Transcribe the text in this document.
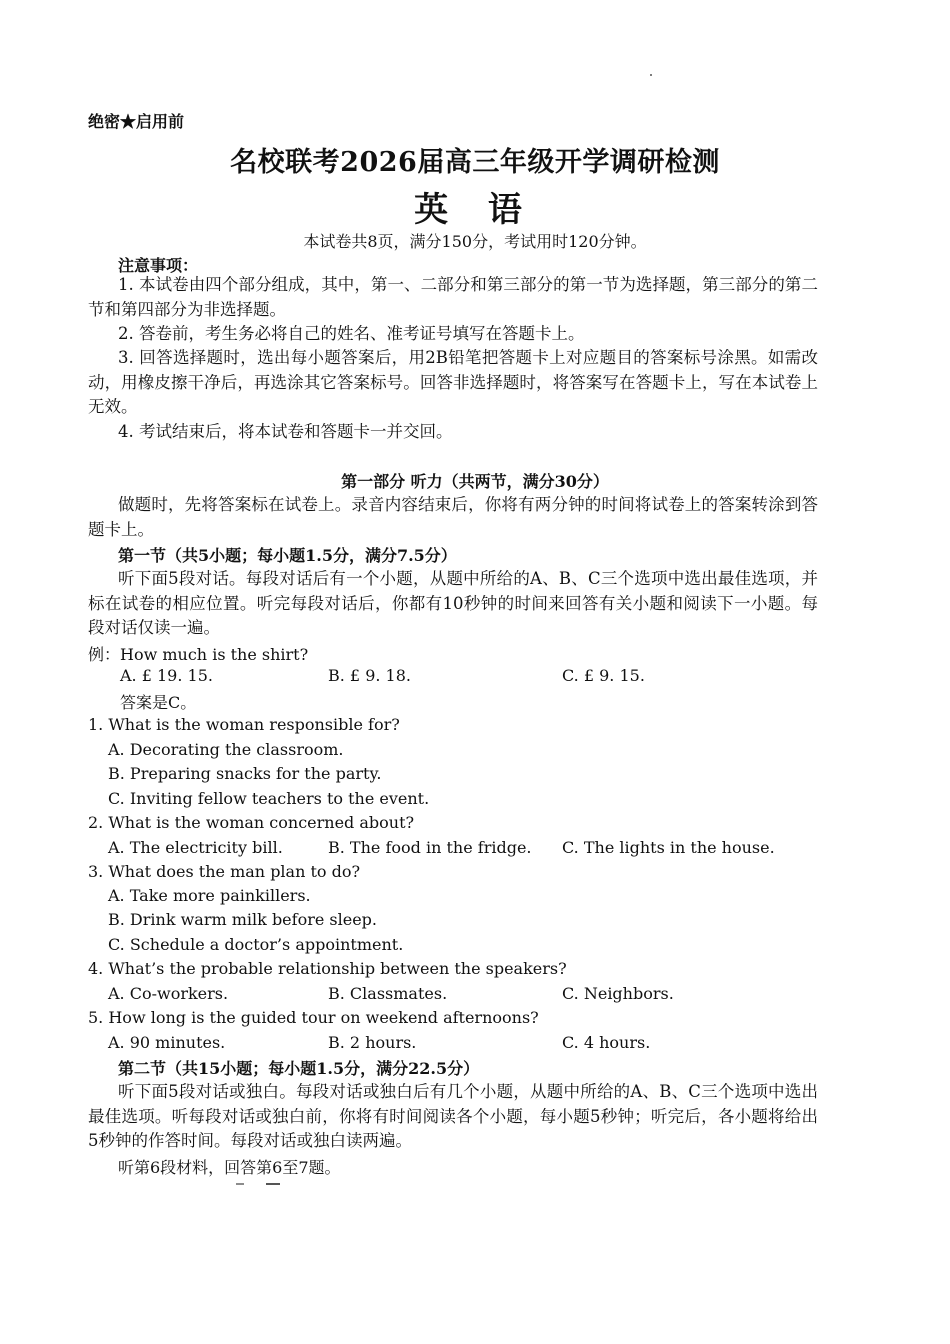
绝密★启用前
名校联考2026届高三年级开学调研检测
英 语
本试卷共8页，满分150分，考试用时120分钟。
注意事项：
1. 本试卷由四个部分组成，其中，第一、二部分和第三部分的第一节为选择题，第三部分的第二节和第四部分为非选择题。
2. 答卷前，考生务必将自己的姓名、准考证号填写在答题卡上。
3. 回答选择题时，选出每小题答案后，用2B铅笔把答题卡上对应题目的答案标号涂黑。如需改动，用橡皮擦干净后，再选涂其它答案标号。回答非选择题时，将答案写在答题卡上，写在本试卷上无效。
4. 考试结束后，将本试卷和答题卡一并交回。
第一部分 听力（共两节，满分30分）
做题时，先将答案标在试卷上。录音内容结束后，你将有两分钟的时间将试卷上的答案转涂到答题卡上。
第一节（共5小题；每小题1.5分，满分7.5分）
听下面5段对话。每段对话后有一个小题，从题中所给的A、B、C三个选项中选出最佳选项，并标在试卷的相应位置。听完每段对话后，你都有10秒钟的时间来回答有关小题和阅读下一小题。每段对话仅读一遍。
例：How much is the shirt?
A. £ 19. 15.	B. £ 9. 18.	C. £ 9. 15.
答案是C。
1. What is the woman responsible for?
A. Decorating the classroom.
B. Preparing snacks for the party.
C. Inviting fellow teachers to the event.
2. What is the woman concerned about?
A. The electricity bill.	B. The food in the fridge. C. The lights in the house.
3. What does the man plan to do?
A. Take more painkillers.
B. Drink warm milk before sleep.
C. Schedule a doctor’s appointment.
4. What’s the probable relationship between the speakers?
A. Co-workers.	B. Classmates.	C. Neighbors.
5. How long is the guided tour on weekend afternoons?
A. 90 minutes.	B. 2 hours.	C. 4 hours.
第二节（共15小题；每小题1.5分，满分22.5分）
听下面5段对话或独白。每段对话或独白后有几个小题，从题中所给的A、B、C三个选项中选出最佳选项。听每段对话或独白前，你将有时间阅读各个小题，每小题5秒钟；听完后，各小题将给出5秒钟的作答时间。每段对话或独白读两遍。
听第6段材料，回答第6至7题。
